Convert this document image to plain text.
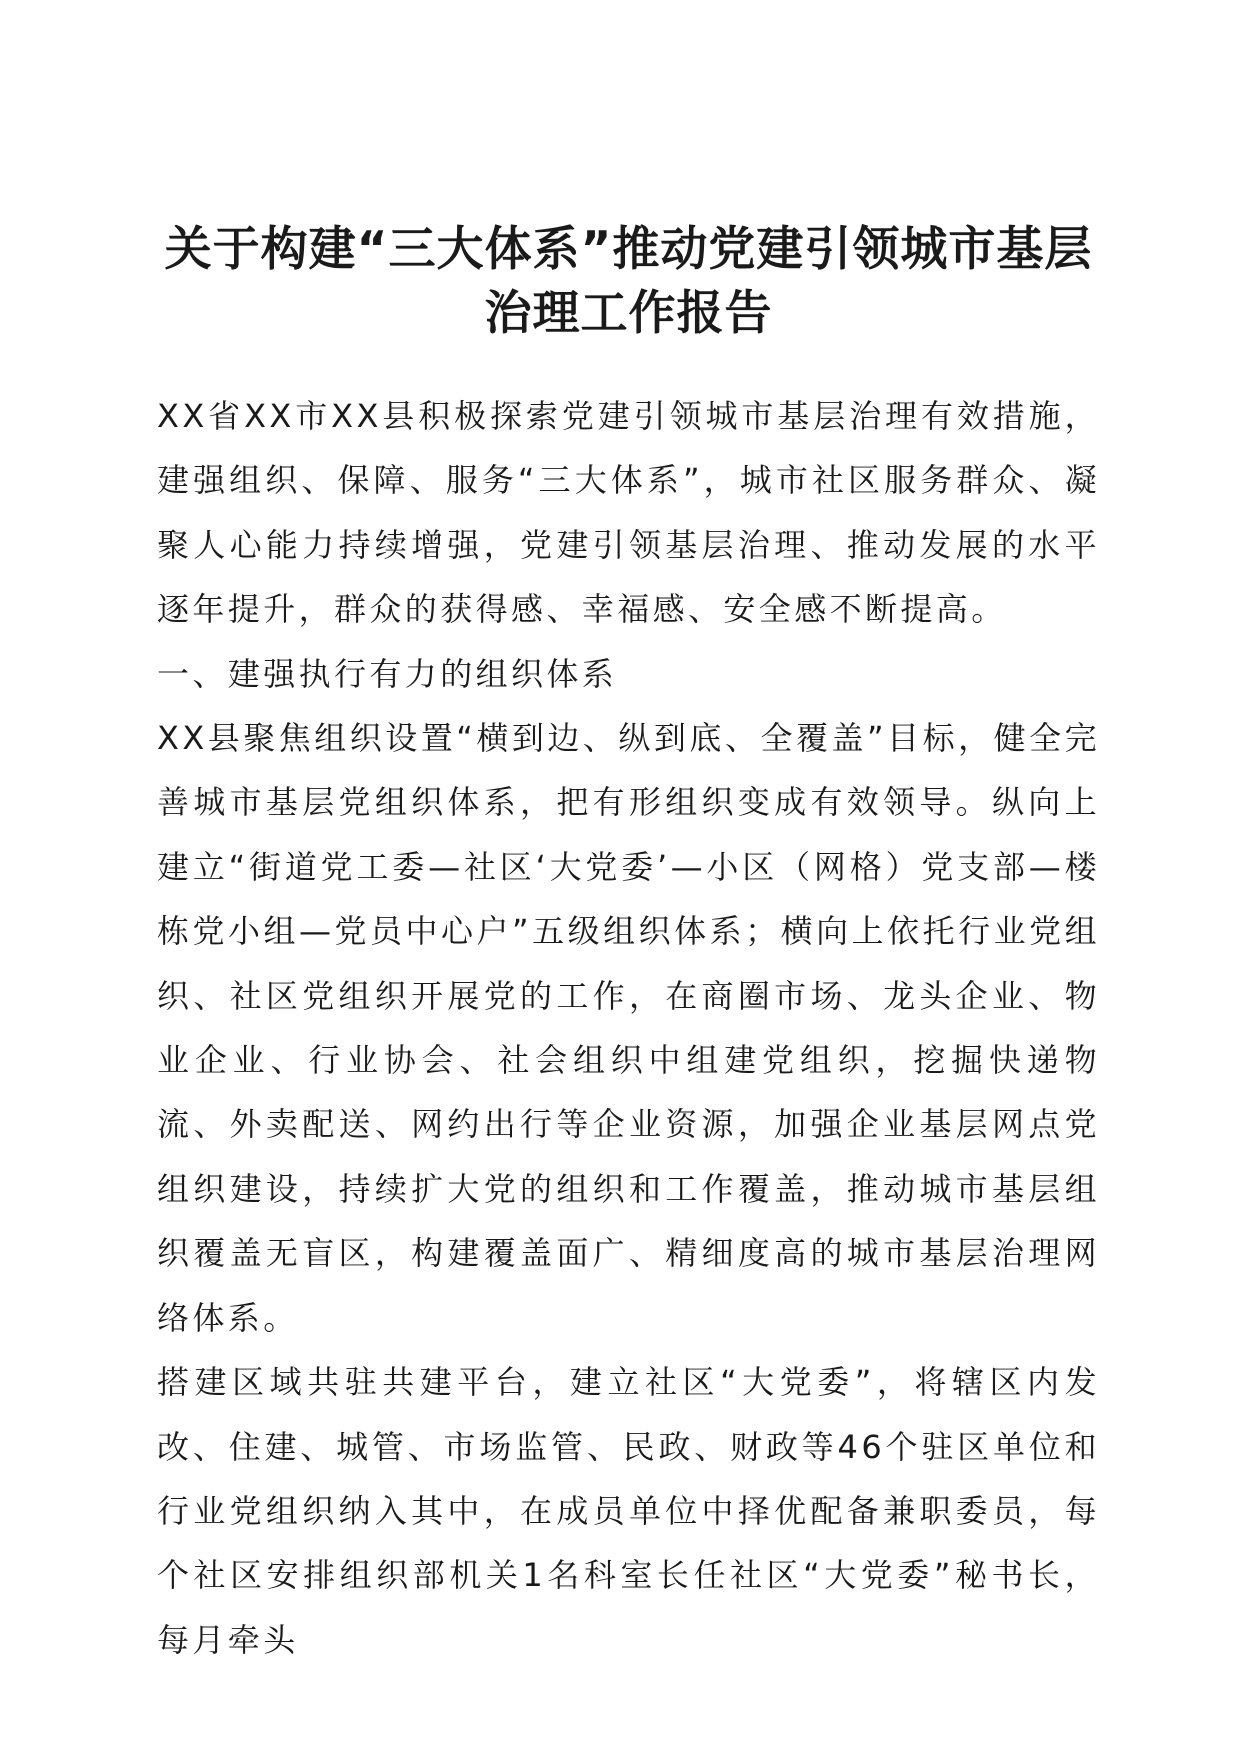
关于构建“三大体系”推动党建引领城市基层治理工作报告

XX省XX市XX县积极探索党建引领城市基层治理有效措施，建强组织、保障、服务“三大体系”，城市社区服务群众、凝聚人心能力持续增强，党建引领基层治理、推动发展的水平逐年提升，群众的获得感、幸福感、安全感不断提高。

一、建强执行有力的组织体系

XX县聚焦组织设置“横到边、纵到底、全覆盖”目标，健全完善城市基层党组织体系，把有形组织变成有效领导。纵向上建立“街道党工委—社区‘大党委’—小区（网格）党支部—楼栋党小组—党员中心户”五级组织体系；横向上依托行业党组织、社区党组织开展党的工作，在商圈市场、龙头企业、物业企业、行业协会、社会组织中组建党组织，挖掘快递物流、外卖配送、网约出行等企业资源，加强企业基层网点党组织建设，持续扩大党的组织和工作覆盖，推动城市基层组织覆盖无盲区，构建覆盖面广、精细度高的城市基层治理网络体系。

搭建区域共驻共建平台，建立社区“大党委”，将辖区内发改、住建、城管、市场监管、民政、财政等46个驻区单位和行业党组织纳入其中，在成员单位中择优配备兼职委员，每个社区安排组织部机关1名科室长任社区“大党委”秘书长，每月牵头
